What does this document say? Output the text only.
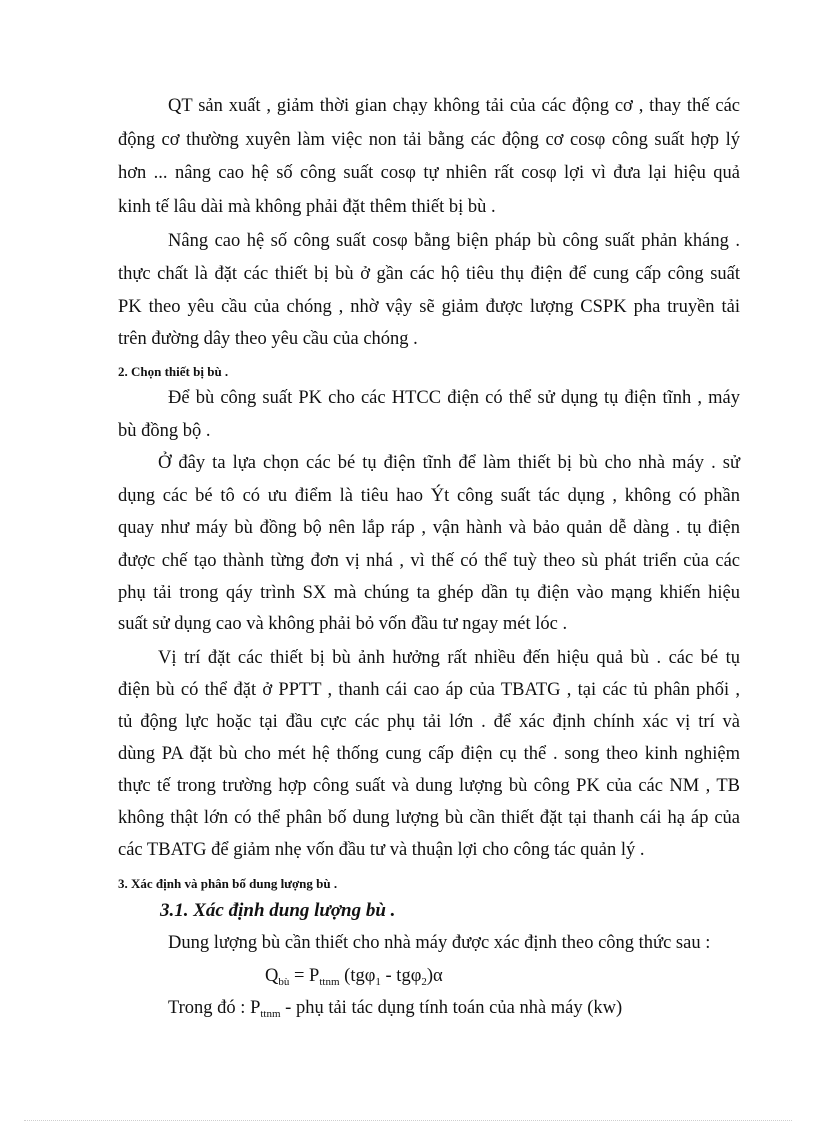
QT sản xuất , giảm thời gian chạy không tải của các động cơ , thay thế các
động cơ thường xuyên làm việc non tải bằng các động cơ cosφ công suất hợp lý
hơn ... nâng cao hệ số công suất cosφ tự nhiên rất cosφ lợi vì đưa lại hiệu quả
kinh tế lâu dài mà không phải đặt thêm thiết bị bù .
Nâng cao hệ số công suất cosφ bằng biện pháp bù công suất phản kháng .
thực chất là đặt các thiết bị bù ở gần các hộ tiêu thụ điện để cung cấp công suất
PK theo yêu cầu của chóng , nhờ vậy sẽ giảm được lượng CSPK pha truyền tải
trên đường dây theo yêu cầu của chóng .
2. Chọn thiết bị bù .
Để bù công suất PK cho các HTCC điện có thể sử dụng tụ điện tĩnh , máy
bù đồng bộ .
Ở đây ta lựa chọn các bé tụ điện tĩnh để làm thiết bị bù cho nhà máy . sử
dụng các bé tô có ưu điểm là tiêu hao Ýt công suất tác dụng , không có phần
quay như máy bù đồng bộ nên lắp ráp , vận hành và bảo quản dễ dàng . tụ điện
được chế tạo thành từng đơn vị nhá , vì thế có thể tuỳ theo sù phát triển của các
phụ tải trong qáy trình SX mà chúng ta ghép dần tụ điện vào mạng khiến hiệu
suất sử dụng cao và không phải bỏ vốn đầu tư ngay mét lóc .
Vị trí đặt các thiết bị bù ảnh hưởng rất nhiều đến hiệu quả bù . các bé tụ
điện bù có thể đặt ở PPTT , thanh cái cao áp của TBATG , tại các tủ phân phối ,
tủ động lực hoặc tại đầu cực các phụ tải lớn . để xác định chính xác vị trí và
dùng PA đặt bù cho mét hệ thống cung cấp điện cụ thể . song theo kinh nghiệm
thực tế trong trường hợp công suất và dung lượng bù công PK của các NM , TB
không thật lớn có thể phân bố dung lượng bù cần thiết đặt tại thanh cái hạ áp của
các TBATG để giảm nhẹ vốn đầu tư và thuận lợi cho công tác quản lý .
3. Xác định và phân bố dung lượng bù .
3.1. Xác định dung lượng bù .
Dung lượng bù cần thiết cho nhà máy được xác định theo công thức sau :
$Q_{bù} = P_{ttnm}$ (tgφ$_1$ - tgφ$_2$)α
Trong đó : $P_{ttnm}$ - phụ tải tác dụng tính toán của nhà máy (kw)
